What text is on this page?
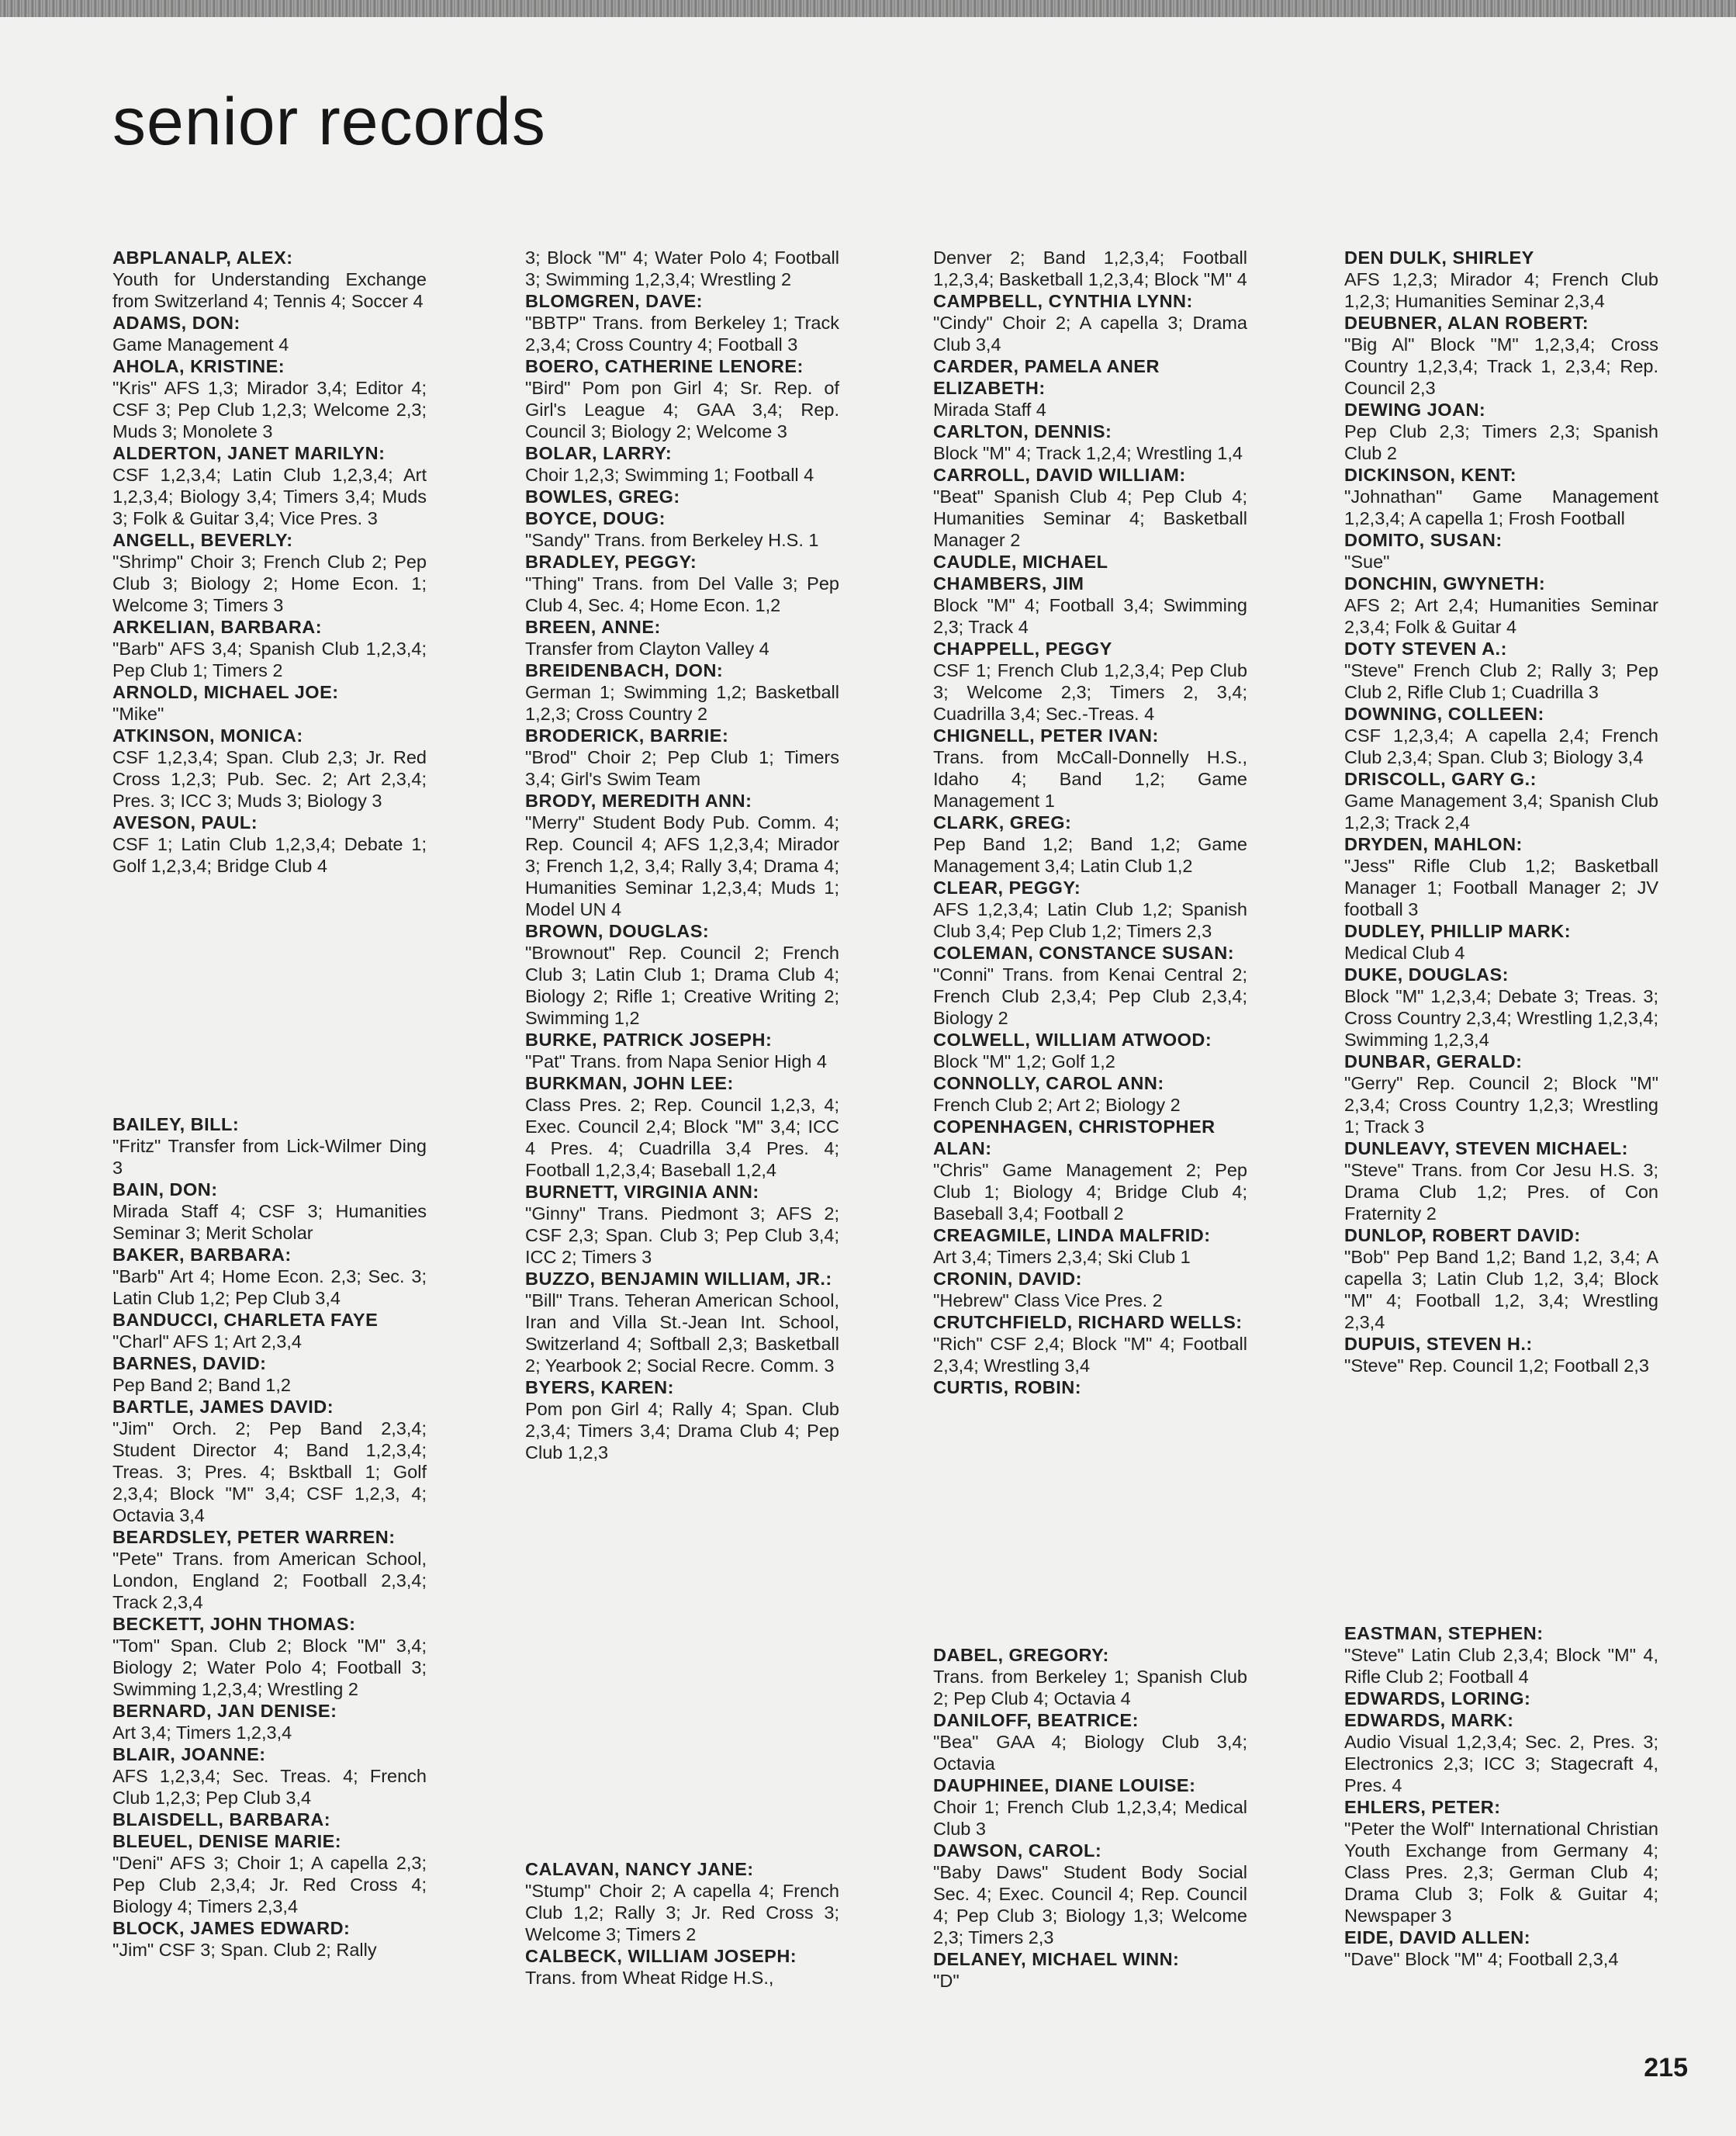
senior records
ABPLANALP, ALEX:
Youth for Understanding Exchange from Switzerland 4; Tennis 4; Soccer 4
ADAMS, DON:
Game Management 4
AHOLA, KRISTINE:
"Kris" AFS 1,3; Mirador 3,4; Editor 4; CSF 3; Pep Club 1,2,3; Welcome 2,3; Muds 3; Monolete 3
ALDERTON, JANET MARILYN:
CSF 1,2,3,4; Latin Club 1,2,3,4; Art 1,2,3,4; Biology 3,4; Timers 3,4; Muds 3; Folk & Guitar 3,4; Vice Pres. 3
ANGELL, BEVERLY:
"Shrimp" Choir 3; French Club 2; Pep Club 3; Biology 2; Home Econ. 1; Welcome 3; Timers 3
ARKELIAN, BARBARA:
"Barb" AFS 3,4; Spanish Club 1,2,3,4; Pep Club 1; Timers 2
ARNOLD, MICHAEL JOE:
"Mike"
ATKINSON, MONICA:
CSF 1,2,3,4; Span. Club 2,3; Jr. Red Cross 1,2,3; Pub. Sec. 2; Art 2,3,4; Pres. 3; ICC 3; Muds 3; Biology 3
AVESON, PAUL:
CSF 1; Latin Club 1,2,3,4; Debate 1; Golf 1,2,3,4; Bridge Club 4
BAILEY, BILL:
"Fritz" Transfer from Lick-Wilmer Ding 3
BAIN, DON:
Mirada Staff 4; CSF 3; Humanities Seminar 3; Merit Scholar
BAKER, BARBARA:
"Barb" Art 4; Home Econ. 2,3; Sec. 3; Latin Club 1,2; Pep Club 3,4
BANDUCCI, CHARLETA FAYE
"Charl" AFS 1; Art 2,3,4
BARNES, DAVID:
Pep Band 2; Band 1,2
BARTLE, JAMES DAVID:
"Jim" Orch. 2; Pep Band 2,3,4; Student Director 4; Band 1,2,3,4; Treas. 3; Pres. 4; Bsktball 1; Golf 2,3,4; Block "M" 3,4; CSF 1,2,3, 4; Octavia 3,4
BEARDSLEY, PETER WARREN:
"Pete" Trans. from American School, London, England 2; Football 2,3,4; Track 2,3,4
BECKETT, JOHN THOMAS:
"Tom" Span. Club 2; Block "M" 3,4; Biology 2; Water Polo 4; Football 3; Swimming 1,2,3,4; Wrestling 2
BERNARD, JAN DENISE:
Art 3,4; Timers 1,2,3,4
BLAIR, JOANNE:
AFS 1,2,3,4; Sec. Treas. 4; French Club 1,2,3; Pep Club 3,4
BLAISDELL, BARBARA:
BLEUEL, DENISE MARIE:
"Deni" AFS 3; Choir 1; A capella 2,3; Pep Club 2,3,4; Jr. Red Cross 4; Biology 4; Timers 2,3,4
BLOCK, JAMES EDWARD:
"Jim" CSF 3; Span. Club 2; Rally
3; Block "M" 4; Water Polo 4; Football 3; Swimming 1,2,3,4; Wrestling 2
BLOMGREN, DAVE:
"BBTP" Trans. from Berkeley 1; Track 2,3,4; Cross Country 4; Football 3
BOERO, CATHERINE LENORE:
"Bird" Pom pon Girl 4; Sr. Rep. of Girl's League 4; GAA 3,4; Rep. Council 3; Biology 2; Welcome 3
BOLAR, LARRY:
Choir 1,2,3; Swimming 1; Football 4
BOWLES, GREG:
BOYCE, DOUG:
"Sandy" Trans. from Berkeley H.S. 1
BRADLEY, PEGGY:
"Thing" Trans. from Del Valle 3; Pep Club 4, Sec. 4; Home Econ. 1,2
BREEN, ANNE:
Transfer from Clayton Valley 4
BREIDENBACH, DON:
German 1; Swimming 1,2; Basketball 1,2,3; Cross Country 2
BRODERICK, BARRIE:
"Brod" Choir 2; Pep Club 1; Timers 3,4; Girl's Swim Team
BRODY, MEREDITH ANN:
"Merry" Student Body Pub. Comm. 4; Rep. Council 4; AFS 1,2,3,4; Mirador 3; French 1,2, 3,4; Rally 3,4; Drama 4; Humanities Seminar 1,2,3,4; Muds 1; Model UN 4
BROWN, DOUGLAS:
"Brownout" Rep. Council 2; French Club 3; Latin Club 1; Drama Club 4; Biology 2; Rifle 1; Creative Writing 2; Swimming 1,2
BURKE, PATRICK JOSEPH:
"Pat" Trans. from Napa Senior High 4
BURKMAN, JOHN LEE:
Class Pres. 2; Rep. Council 1,2,3, 4; Exec. Council 2,4; Block "M" 3,4; ICC 4 Pres. 4; Cuadrilla 3,4 Pres. 4; Football 1,2,3,4; Baseball 1,2,4
BURNETT, VIRGINIA ANN:
"Ginny" Trans. Piedmont 3; AFS 2; CSF 2,3; Span. Club 3; Pep Club 3,4; ICC 2; Timers 3
BUZZO, BENJAMIN WILLIAM, JR.:
"Bill" Trans. Teheran American School, Iran and Villa St.-Jean Int. School, Switzerland 4; Softball 2,3; Basketball 2; Yearbook 2; Social Recre. Comm. 3
BYERS, KAREN:
Pom pon Girl 4; Rally 4; Span. Club 2,3,4; Timers 3,4; Drama Club 4; Pep Club 1,2,3
CALAVAN, NANCY JANE:
"Stump" Choir 2; A capella 4; French Club 1,2; Rally 3; Jr. Red Cross 3; Welcome 3; Timers 2
CALBECK, WILLIAM JOSEPH:
Trans. from Wheat Ridge H.S.,
Denver 2; Band 1,2,3,4; Football 1,2,3,4; Basketball 1,2,3,4; Block "M" 4
CAMPBELL, CYNTHIA LYNN:
"Cindy" Choir 2; A capella 3; Drama Club 3,4
CARDER, PAMELA ANER ELIZABETH:
Mirada Staff 4
CARLTON, DENNIS:
Block "M" 4; Track 1,2,4; Wrestling 1,4
CARROLL, DAVID WILLIAM:
"Beat" Spanish Club 4; Pep Club 4; Humanities Seminar 4; Basketball Manager 2
CAUDLE, MICHAEL
CHAMBERS, JIM
Block "M" 4; Football 3,4; Swimming 2,3; Track 4
CHAPPELL, PEGGY
CSF 1; French Club 1,2,3,4; Pep Club 3; Welcome 2,3; Timers 2, 3,4; Cuadrilla 3,4; Sec.-Treas. 4
CHIGNELL, PETER IVAN:
Trans. from McCall-Donnelly H.S., Idaho 4; Band 1,2; Game Management 1
CLARK, GREG:
Pep Band 1,2; Band 1,2; Game Management 3,4; Latin Club 1,2
CLEAR, PEGGY:
AFS 1,2,3,4; Latin Club 1,2; Spanish Club 3,4; Pep Club 1,2; Timers 2,3
COLEMAN, CONSTANCE SUSAN:
"Conni" Trans. from Kenai Central 2; French Club 2,3,4; Pep Club 2,3,4; Biology 2
COLWELL, WILLIAM ATWOOD:
Block "M" 1,2; Golf 1,2
CONNOLLY, CAROL ANN:
French Club 2; Art 2; Biology 2
COPENHAGEN, CHRISTOPHER ALAN:
"Chris" Game Management 2; Pep Club 1; Biology 4; Bridge Club 4; Baseball 3,4; Football 2
CREAGMILE, LINDA MALFRID:
Art 3,4; Timers 2,3,4; Ski Club 1
CRONIN, DAVID:
"Hebrew" Class Vice Pres. 2
CRUTCHFIELD, RICHARD WELLS:
"Rich" CSF 2,4; Block "M" 4; Football 2,3,4; Wrestling 3,4
CURTIS, ROBIN:
DABEL, GREGORY:
Trans. from Berkeley 1; Spanish Club 2; Pep Club 4; Octavia 4
DANILOFF, BEATRICE:
"Bea" GAA 4; Biology Club 3,4; Octavia
DAUPHINEE, DIANE LOUISE:
Choir 1; French Club 1,2,3,4; Medical Club 3
DAWSON, CAROL:
"Baby Daws" Student Body Social Sec. 4; Exec. Council 4; Rep. Council 4; Pep Club 3; Biology 1,3; Welcome 2,3; Timers 2,3
DELANEY, MICHAEL WINN:
"D"
DEN DULK, SHIRLEY
AFS 1,2,3; Mirador 4; French Club 1,2,3; Humanities Seminar 2,3,4
DEUBNER, ALAN ROBERT:
"Big Al" Block "M" 1,2,3,4; Cross Country 1,2,3,4; Track 1, 2,3,4; Rep. Council 2,3
DEWING JOAN:
Pep Club 2,3; Timers 2,3; Spanish Club 2
DICKINSON, KENT:
"Johnathan" Game Management 1,2,3,4; A capella 1; Frosh Football
DOMITO, SUSAN:
"Sue"
DONCHIN, GWYNETH:
AFS 2; Art 2,4; Humanities Seminar 2,3,4; Folk & Guitar 4
DOTY STEVEN A.:
"Steve" French Club 2; Rally 3; Pep Club 2, Rifle Club 1; Cuadrilla 3
DOWNING, COLLEEN:
CSF 1,2,3,4; A capella 2,4; French Club 2,3,4; Span. Club 3; Biology 3,4
DRISCOLL, GARY G.:
Game Management 3,4; Spanish Club 1,2,3; Track 2,4
DRYDEN, MAHLON:
"Jess" Rifle Club 1,2; Basketball Manager 1; Football Manager 2; JV football 3
DUDLEY, PHILLIP MARK:
Medical Club 4
DUKE, DOUGLAS:
Block "M" 1,2,3,4; Debate 3; Treas. 3; Cross Country 2,3,4; Wrestling 1,2,3,4; Swimming 1,2,3,4
DUNBAR, GERALD:
"Gerry" Rep. Council 2; Block "M" 2,3,4; Cross Country 1,2,3; Wrestling 1; Track 3
DUNLEAVY, STEVEN MICHAEL:
"Steve" Trans. from Cor Jesu H.S. 3; Drama Club 1,2; Pres. of Con Fraternity 2
DUNLOP, ROBERT DAVID:
"Bob" Pep Band 1,2; Band 1,2, 3,4; A capella 3; Latin Club 1,2, 3,4; Block "M" 4; Football 1,2, 3,4; Wrestling 2,3,4
DUPUIS, STEVEN H.:
"Steve" Rep. Council 1,2; Football 2,3
EASTMAN, STEPHEN:
"Steve" Latin Club 2,3,4; Block "M" 4, Rifle Club 2; Football 4
EDWARDS, LORING:
EDWARDS, MARK:
Audio Visual 1,2,3,4; Sec. 2, Pres. 3; Electronics 2,3; ICC 3; Stagecraft 4, Pres. 4
EHLERS, PETER:
"Peter the Wolf" International Christian Youth Exchange from Germany 4; Class Pres. 2,3; German Club 4; Drama Club 3; Folk & Guitar 4; Newspaper 3
EIDE, DAVID ALLEN:
"Dave" Block "M" 4; Football 2,3,4
215
